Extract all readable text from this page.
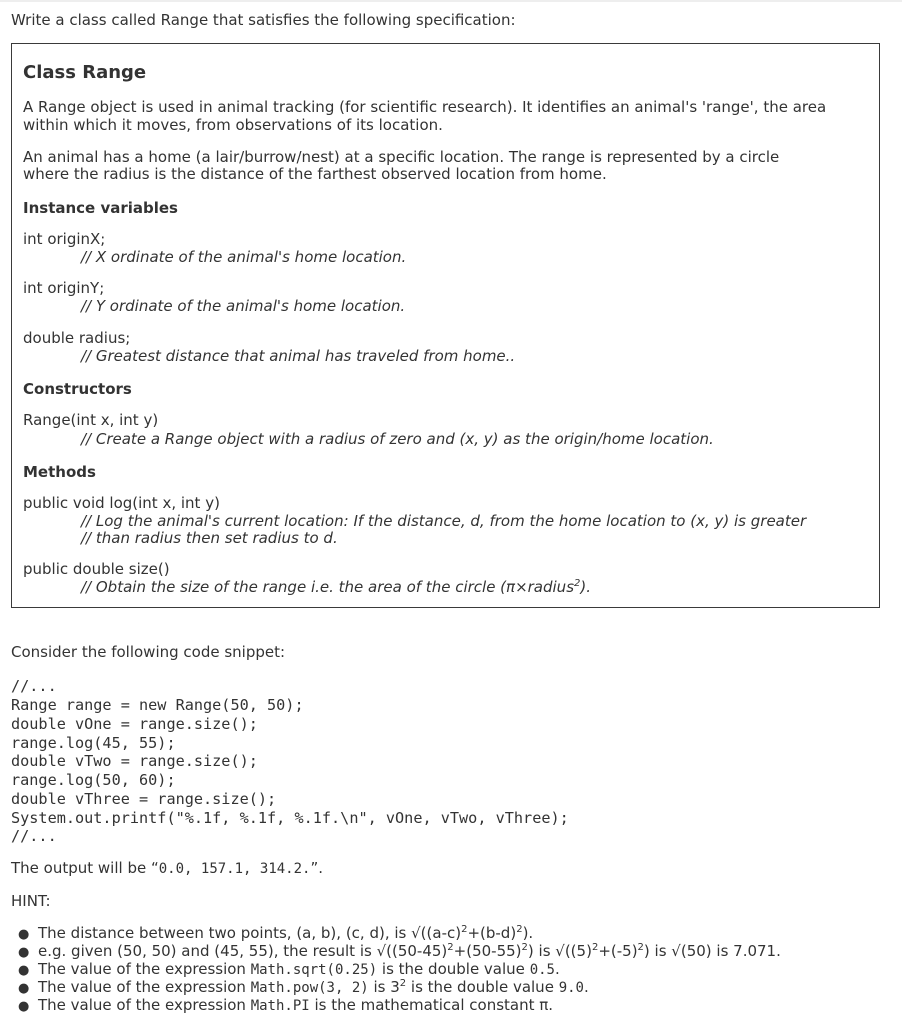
Write a class called Range that satisfies the following specification:
Class Range
A Range object is used in animal tracking (for scientific research). It identifies an animal's 'range', the area
within which it moves, from observations of its location.
An animal has a home (a lair/burrow/nest) at a specific location. The range is represented by a circle
where the radius is the distance of the farthest observed location from home.
Instance variables
int originX;
// X ordinate of the animal's home location.
int originY;
// Y ordinate of the animal's home location.
double radius;
// Greatest distance that animal has traveled from home..
Constructors
Range(int x, int y)
// Create a Range object with a radius of zero and (x, y) as the origin/home location.
Methods
public void log(int x, int y)
// Log the animal's current location: If the distance, d, from the home location to (x, y) is greater
// than radius then set radius to d.
public double size()
// Obtain the size of the range i.e. the area of the circle (π×radius$^2$).
Consider the following code snippet:
//...
Range range = new Range(50, 50);
double vOne = range.size();
range.log(45, 55);
double vTwo = range.size();
range.log(50, 60);
double vThree = range.size();
System.out.printf("%.1f, %.1f, %.1f.\n", vOne, vTwo, vThree);
//...
The output will be “0.0, 157.1, 314.2.”.
HINT:
● The distance between two points, (a, b), (c, d), is $√((a-c)^2+(b-d)^2)$.
● e.g. given (50, 50) and (45, 55), the result is $√((50-45)^2+(50-55)^2)$ is $√((5)^2+(-5)^2)$ is √(50) is 7.071.
● The value of the expression Math.sqrt(0.25) is the double value 0.5.
● The value of the expression Math.pow(3, 2) is $3^2$ is the double value 9.0.
● The value of the expression Math.PI is the mathematical constant π.
